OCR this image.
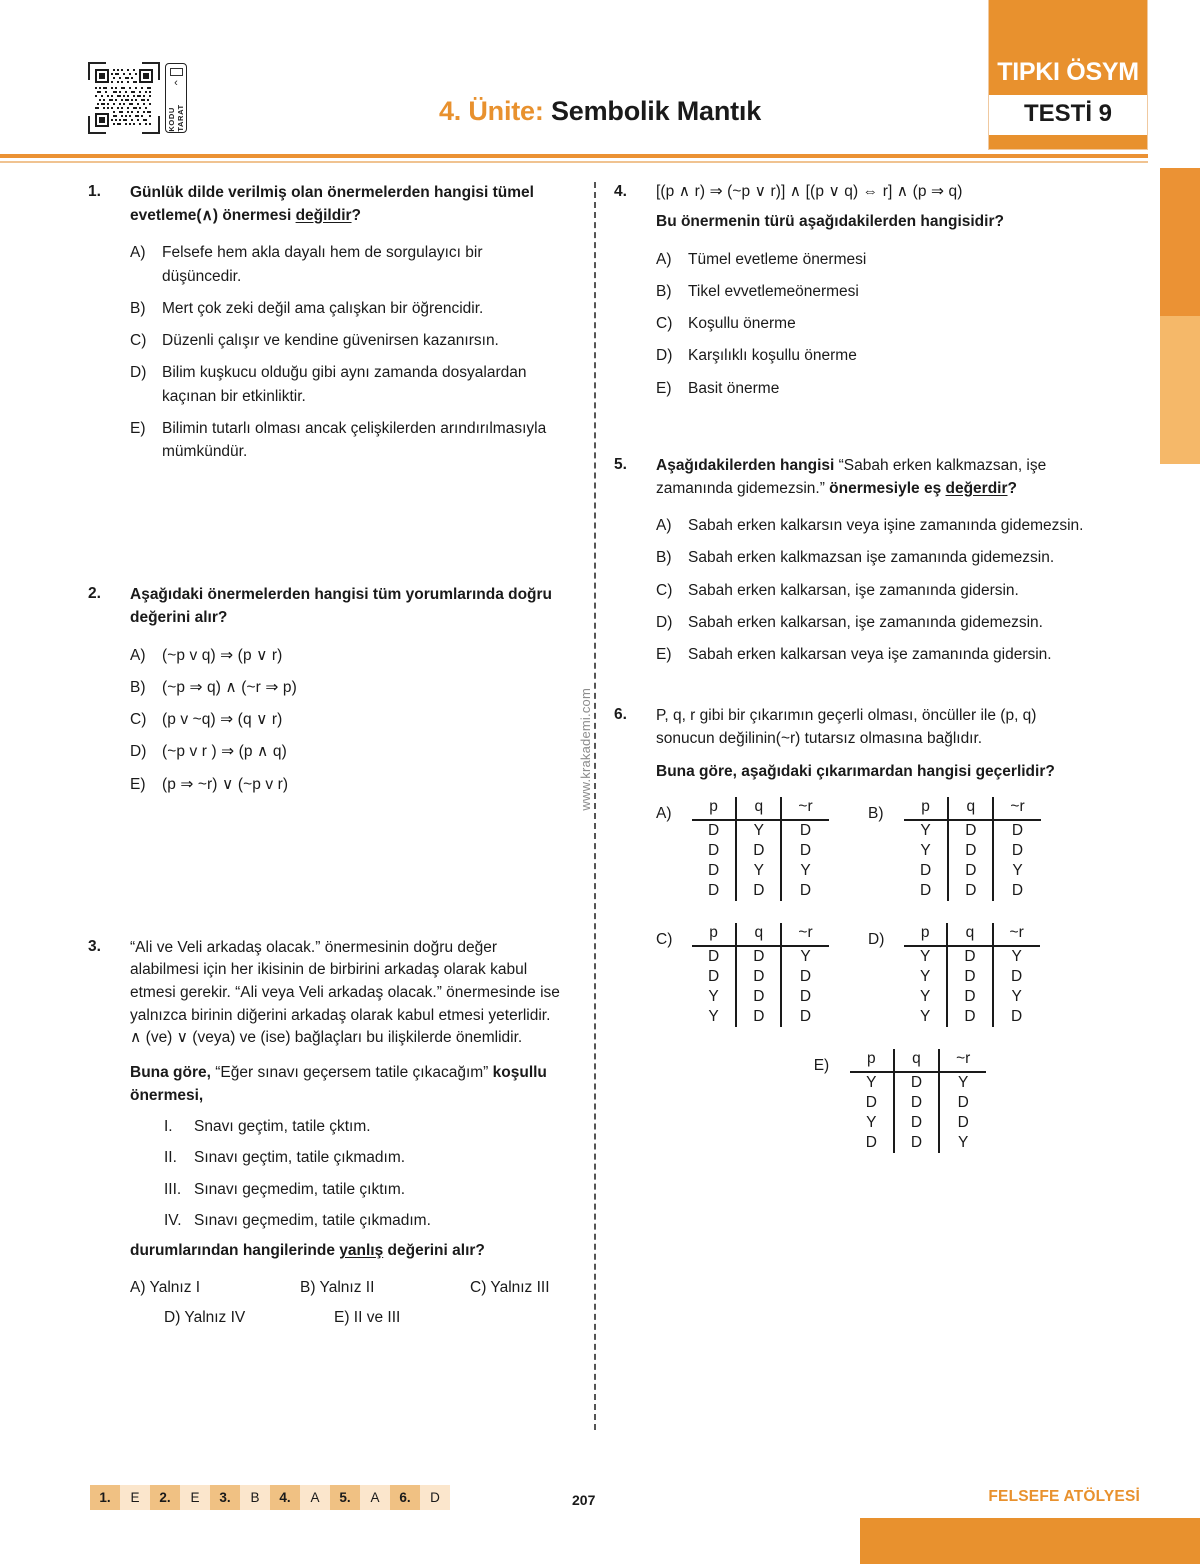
‹
KODU TARAT	4. Ünite: Sembolik Mantık
TIPKI ÖSYM
TESTİ 9
www.krakademi.com
1.	Günlük dilde verilmiş olan önermelerden hangisi tümel evetleme(∧) önermesi değildir?
A)	Felsefe hem akla dayalı hem de sorgulayıcı bir düşüncedir.
B)	Mert çok zeki değil ama çalışkan bir öğrencidir.
C)	Düzenli çalışır ve kendine güvenirsen kazanırsın.
D)	Bilim kuşkucu olduğu gibi aynı zamanda dosyalardan kaçınan bir etkinliktir.
E)	Bilimin tutarlı olması ancak çelişkilerden arındırılmasıyla mümkündür.
2.	Aşağıdaki önermelerden hangisi tüm yorumlarında doğru değerini alır?
A)	(~p v q) ⇒ (p ∨ r)
B)	(~p ⇒ q) ∧ (~r ⇒ p)
C)	(p v ~q) ⇒ (q ∨ r)
D)	(~p v r ) ⇒ (p ∧ q)
E)	(p ⇒ ~r) ∨ (~p v r)
3.	“Ali ve Veli arkadaş olacak.” önermesinin doğru değer alabilmesi için her ikisinin de birbirini arkadaş olarak kabul etmesi gerekir. “Ali veya Veli arkadaş olacak.” önermesinde ise yalnızca birinin diğerini arkadaş olarak kabul etmesi yeterlidir. ∧ (ve) ∨ (veya) ve (ise) bağlaçları bu ilişkilerde önemlidir.
Buna göre, “Eğer sınavı geçersem tatile çıkacağım” koşullu önermesi,
I.	Snavı geçtim, tatile çktım.
II.	Sınavı geçtim, tatile çıkmadım.
III. Sınavı geçmedim, tatile çıktım.
IV. Sınavı geçmedim, tatile çıkmadım.
durumlarından hangilerinde yanlış değerini alır?
A) Yalnız I	B) Yalnız II	C) Yalnız III
D) Yalnız IV	E) II ve III
4.	[(p ∧ r) ⇒ (~p ∨ r)] ∧ [(p ∨ q) ⇔ r] ∧ (p ⇒ q)
Bu önermenin türü aşağıdakilerden hangisidir?
A)	Tümel evetleme önermesi
B)	Tikel evvetlemeönermesi
C)	Koşullu önerme
D)	Karşılıklı koşullu önerme
E)	Basit önerme
5.	Aşağıdakilerden hangisi “Sabah erken kalkmazsan, işe zamanında gidemezsin.” önermesiyle eş değerdir?
A)	Sabah erken kalkarsın veya işine zamanında gidemezsin.
B)	Sabah erken kalkmazsan işe zamanında gidemezsin.
C)	Sabah erken kalkarsan, işe zamanında gidersin.
D)	Sabah erken kalkarsan, işe zamanında gidemezsin.
E)	Sabah erken kalkarsan veya işe zamanında gidersin.
6.	P, q, r gibi bir çıkarımın geçerli olması, öncüller ile (p, q) sonucun değilinin(~r) tutarsız olmasına bağlıdır.
Buna göre, aşağıdaki çıkarımardan hangisi geçerlidir?
A)	p	q	~r
D	Y	D
D	D	D
D	Y	Y
D	D	D
B)	p	q	~r
Y	D	D
Y	D	D
D	D	Y
D	D	D
C)	p	q	~r
D	D	Y
D	D	D
Y	D	D
Y	D	D
D)	p	q	~r
Y	D	Y
Y	D	D
Y	D	Y
Y	D	D
E)	p	q	~r
Y	D	Y
D	D	D
Y	D	D
D	D	Y
1.	E	2.	E	3.	B	4.	A	5.	A	6.	D	207	FELSEFE ATÖLYESİ
